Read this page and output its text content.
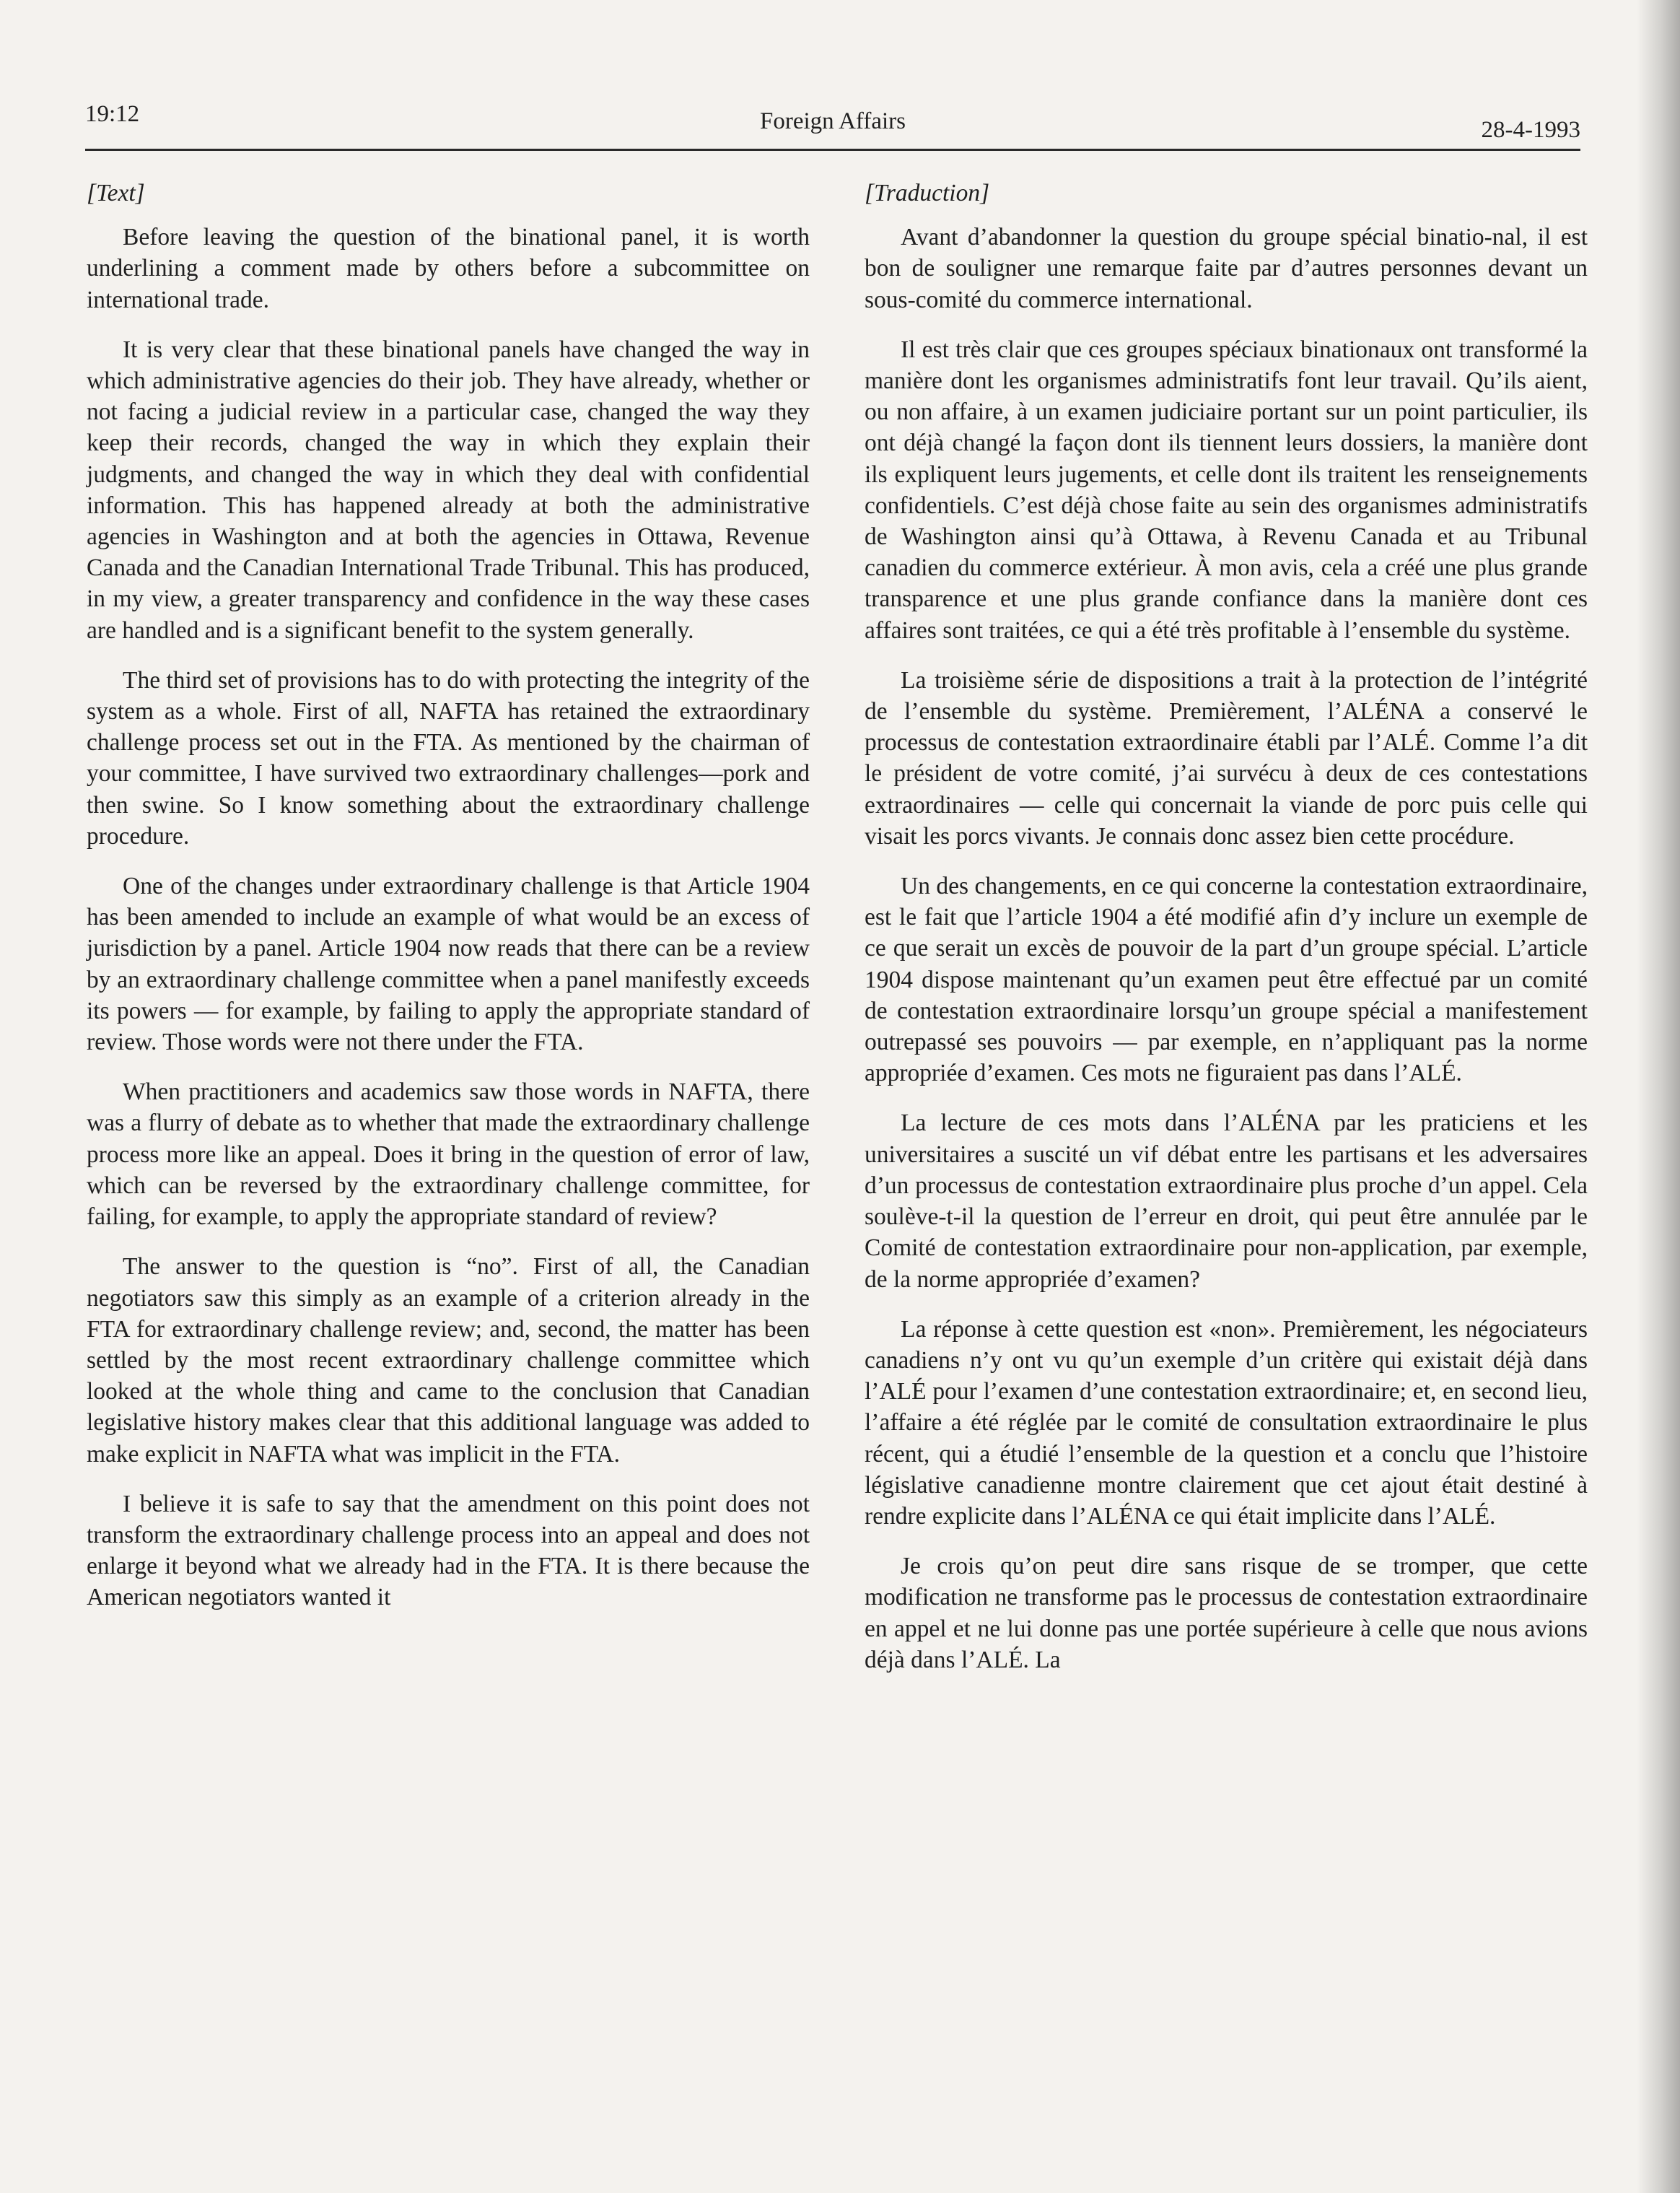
19:12	Foreign Affairs	28-4-1993
[Text]

Before leaving the question of the binational panel, it is worth underlining a comment made by others before a subcommittee on international trade.

It is very clear that these binational panels have changed the way in which administrative agencies do their job. They have already, whether or not facing a judicial review in a particular case, changed the way they keep their records, changed the way in which they explain their judgments, and changed the way in which they deal with confidential information. This has happened already at both the administrative agencies in Washington and at both the agencies in Ottawa, Revenue Canada and the Canadian International Trade Tribunal. This has produced, in my view, a greater transparency and confidence in the way these cases are handled and is a significant benefit to the system generally.

The third set of provisions has to do with protecting the integrity of the system as a whole. First of all, NAFTA has retained the extraordinary challenge process set out in the FTA. As mentioned by the chairman of your committee, I have survived two extraordinary challenges—pork and then swine. So I know something about the extraordinary challenge procedure.

One of the changes under extraordinary challenge is that Article 1904 has been amended to include an example of what would be an excess of jurisdiction by a panel. Article 1904 now reads that there can be a review by an extraordinary challenge committee when a panel manifestly exceeds its powers — for example, by failing to apply the appropriate standard of review. Those words were not there under the FTA.

When practitioners and academics saw those words in NAFTA, there was a flurry of debate as to whether that made the extraordinary challenge process more like an appeal. Does it bring in the question of error of law, which can be reversed by the extraordinary challenge committee, for failing, for example, to apply the appropriate standard of review?

The answer to the question is “no”. First of all, the Canadian negotiators saw this simply as an example of a criterion already in the FTA for extraordinary challenge review; and, second, the matter has been settled by the most recent extraordinary challenge committee which looked at the whole thing and came to the conclusion that Canadian legislative history makes clear that this additional language was added to make explicit in NAFTA what was implicit in the FTA.

I believe it is safe to say that the amendment on this point does not transform the extraordinary challenge process into an appeal and does not enlarge it beyond what we already had in the FTA. It is there because the American negotiators wanted it

[Traduction]

Avant d’abandonner la question du groupe spécial binatio-nal, il est bon de souligner une remarque faite par d’autres personnes devant un sous-comité du commerce international.

Il est très clair que ces groupes spéciaux binationaux ont transformé la manière dont les organismes administratifs font leur travail. Qu’ils aient, ou non affaire, à un examen judiciaire portant sur un point particulier, ils ont déjà changé la façon dont ils tiennent leurs dossiers, la manière dont ils expliquent leurs jugements, et celle dont ils traitent les renseignements confidentiels. C’est déjà chose faite au sein des organismes administratifs de Washington ainsi qu’à Ottawa, à Revenu Canada et au Tribunal canadien du commerce extérieur. À mon avis, cela a créé une plus grande transparence et une plus grande confiance dans la manière dont ces affaires sont traitées, ce qui a été très profitable à l’ensemble du système.

La troisième série de dispositions a trait à la protection de l’intégrité de l’ensemble du système. Premièrement, l’ALÉNA a conservé le processus de contestation extraordinaire établi par l’ALÉ. Comme l’a dit le président de votre comité, j’ai survécu à deux de ces contestations extraordinaires — celle qui concernait la viande de porc puis celle qui visait les porcs vivants. Je connais donc assez bien cette procédure.

Un des changements, en ce qui concerne la contestation extraordinaire, est le fait que l’article 1904 a été modifié afin d’y inclure un exemple de ce que serait un excès de pouvoir de la part d’un groupe spécial. L’article 1904 dispose maintenant qu’un examen peut être effectué par un comité de contestation extraordinaire lorsqu’un groupe spécial a manifestement outrepassé ses pouvoirs — par exemple, en n’appliquant pas la norme appropriée d’examen. Ces mots ne figuraient pas dans l’ALÉ.

La lecture de ces mots dans l’ALÉNA par les praticiens et les universitaires a suscité un vif débat entre les partisans et les adversaires d’un processus de contestation extraordinaire plus proche d’un appel. Cela soulève-t-il la question de l’erreur en droit, qui peut être annulée par le Comité de contestation extraordinaire pour non-application, par exemple, de la norme appropriée d’examen?

La réponse à cette question est «non». Premièrement, les négociateurs canadiens n’y ont vu qu’un exemple d’un critère qui existait déjà dans l’ALÉ pour l’examen d’une contestation extraordinaire; et, en second lieu, l’affaire a été réglée par le comité de consultation extraordinaire le plus récent, qui a étudié l’ensemble de la question et a conclu que l’histoire législative canadienne montre clairement que cet ajout était destiné à rendre explicite dans l’ALÉNA ce qui était implicite dans l’ALÉ.

Je crois qu’on peut dire sans risque de se tromper, que cette modification ne transforme pas le processus de contestation extraordinaire en appel et ne lui donne pas une portée supérieure à celle que nous avions déjà dans l’ALÉ. La
